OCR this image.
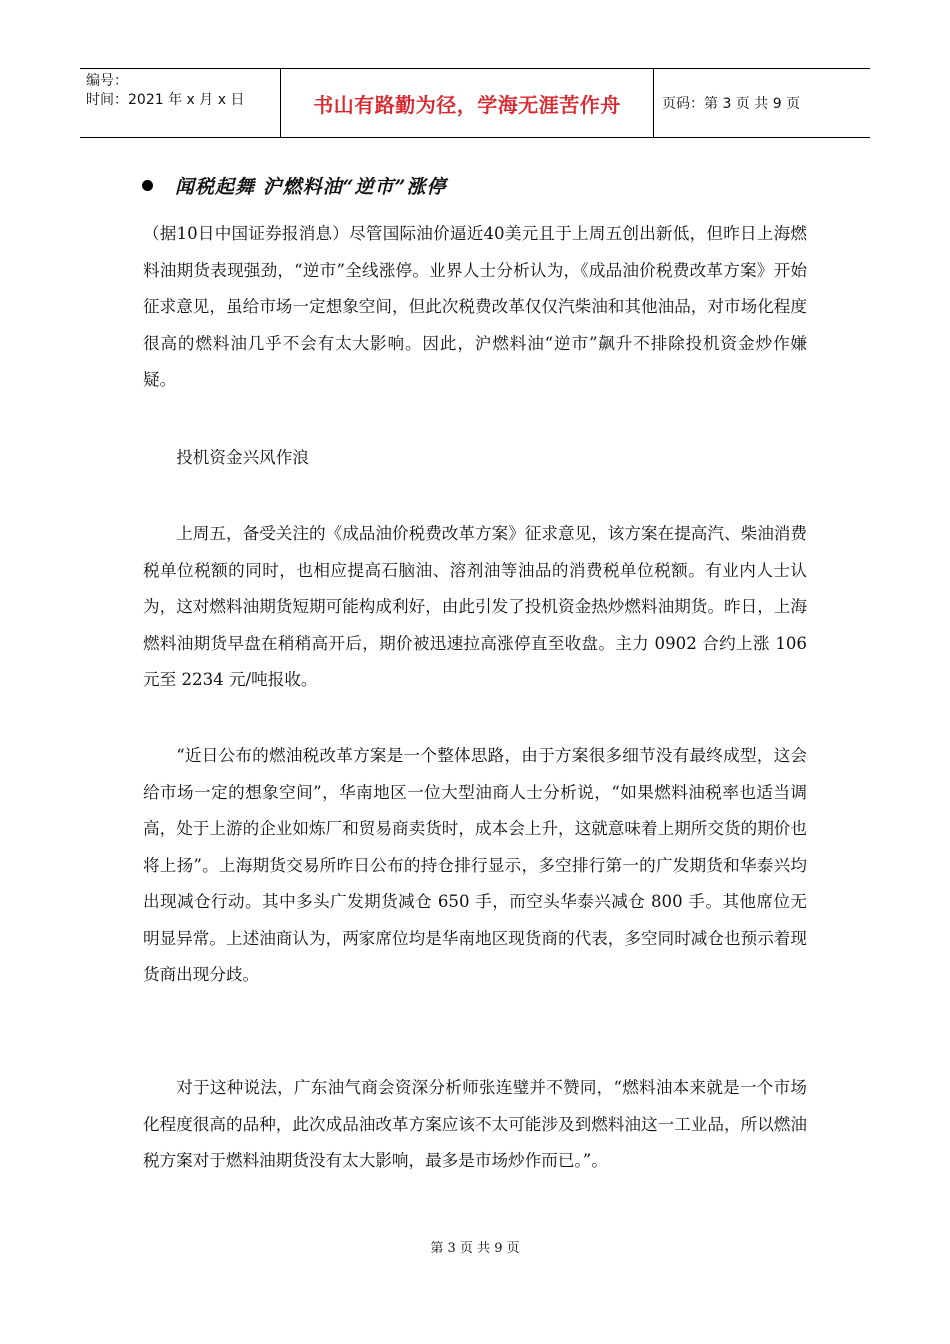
编号：
时间：2021 年 x 月 x 日	书山有路勤为径，学海无涯苦作舟	页码：第 3 页 共 9 页
闻税起舞 沪燃料油“逆市”涨停

（据10日中国证券报消息）尽管国际油价逼近40美元且于上周五创出新低，但昨日上海燃料油期货表现强劲，“逆市”全线涨停。业界人士分析认为，《成品油价税费改革方案》开始征求意见，虽给市场一定想象空间，但此次税费改革仅仅汽柴油和其他油品，对市场化程度很高的燃料油几乎不会有太大影响。因此，沪燃料油“逆市”飙升不排除投机资金炒作嫌疑。

投机资金兴风作浪

上周五，备受关注的《成品油价税费改革方案》征求意见，该方案在提高汽、柴油消费税单位税额的同时，也相应提高石脑油、溶剂油等油品的消费税单位税额。有业内人士认为，这对燃料油期货短期可能构成利好，由此引发了投机资金热炒燃料油期货。昨日，上海燃料油期货早盘在稍稍高开后，期价被迅速拉高涨停直至收盘。主力 0902 合约上涨 106 元至 2234 元/吨报收。

“近日公布的燃油税改革方案是一个整体思路，由于方案很多细节没有最终成型，这会给市场一定的想象空间”，华南地区一位大型油商人士分析说，“如果燃料油税率也适当调高，处于上游的企业如炼厂和贸易商卖货时，成本会上升，这就意味着上期所交货的期价也将上扬”。上海期货交易所昨日公布的持仓排行显示，多空排行第一的广发期货和华泰兴均出现减仓行动。其中多头广发期货减仓 650 手，而空头华泰兴减仓 800 手。其他席位无明显异常。上述油商认为，两家席位均是华南地区现货商的代表，多空同时减仓也预示着现货商出现分歧。

对于这种说法，广东油气商会资深分析师张连璧并不赞同，“燃料油本来就是一个市场化程度很高的品种，此次成品油改革方案应该不太可能涉及到燃料油这一工业品，所以燃油税方案对于燃料油期货没有太大影响，最多是市场炒作而已。”。

第 3 页 共 9 页
